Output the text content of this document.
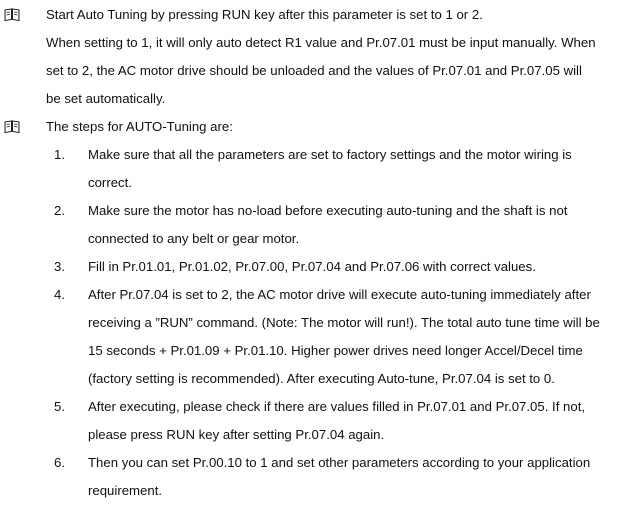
Start Auto Tuning by pressing RUN key after this parameter is set to 1 or 2.
When setting to 1, it will only auto detect R1 value and Pr.07.01 must be input manually. When
set to 2, the AC motor drive should be unloaded and the values of Pr.07.01 and Pr.07.05 will
be set automatically.
The steps for AUTO-Tuning are:
1. Make sure that all the parameters are set to factory settings and the motor wiring is
correct.
2. Make sure the motor has no-load before executing auto-tuning and the shaft is not
connected to any belt or gear motor.
3. Fill in Pr.01.01, Pr.01.02, Pr.07.00, Pr.07.04 and Pr.07.06 with correct values.
4. After Pr.07.04 is set to 2, the AC motor drive will execute auto-tuning immediately after
receiving a ”RUN” command. (Note: The motor will run!). The total auto tune time will be
15 seconds + Pr.01.09 + Pr.01.10. Higher power drives need longer Accel/Decel time
(factory setting is recommended). After executing Auto-tune, Pr.07.04 is set to 0.
5. After executing, please check if there are values filled in Pr.07.01 and Pr.07.05. If not,
please press RUN key after setting Pr.07.04 again.
6. Then you can set Pr.00.10 to 1 and set other parameters according to your application
requirement.
